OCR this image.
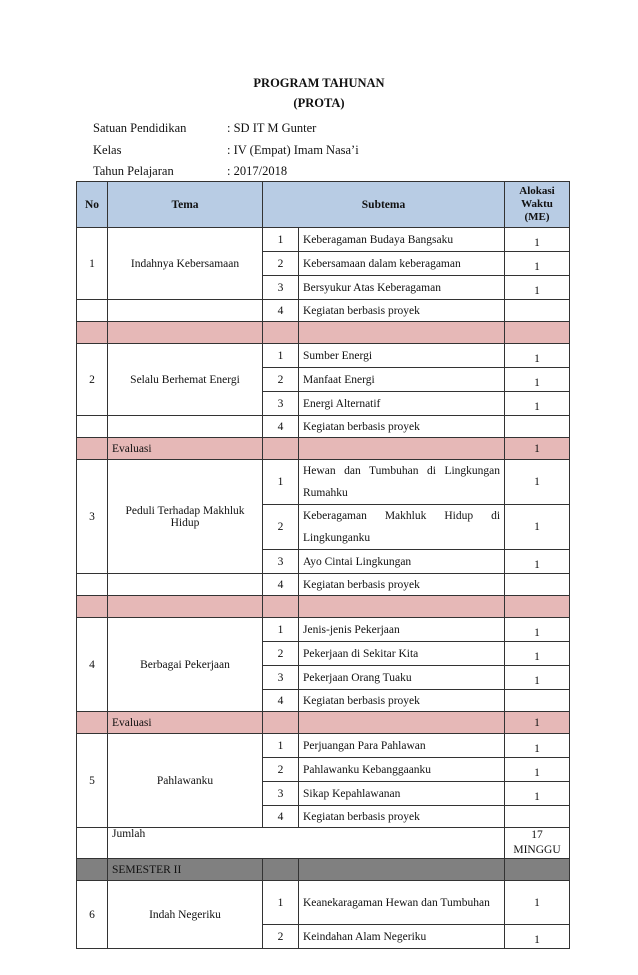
PROGRAM TAHUNAN
(PROTA)
Satuan Pendidikan	: SD IT M Gunter
Kelas	: IV (Empat) Imam Nasa’i
Tahun Pelajaran	: 2017/2018
No	Tema	Subtema		Alokasi Waktu (ME)
1	Indahnya Kebersamaan	1	Keberagaman Budaya Bangsaku	1
		2	Kebersamaan dalam keberagaman	1
		3	Bersyukur Atas Keberagaman	1
		4	Kegiatan berbasis proyek	

2	Selalu Berhemat Energi	1	Sumber Energi	1
		2	Manfaat Energi	1
		3	Energi Alternatif	1
		4	Kegiatan berbasis proyek	
	Evaluasi			1
3	Peduli Terhadap Makhluk Hidup	1	Hewan dan Tumbuhan di Lingkungan Rumahku	1
		2	Keberagaman Makhluk Hidup di Lingkunganku	1
		3	Ayo Cintai Lingkungan	1
		4	Kegiatan berbasis proyek	

4	Berbagai Pekerjaan	1	Jenis-jenis Pekerjaan	1
		2	Pekerjaan di Sekitar Kita	1
		3	Pekerjaan Orang Tuaku	1
		4	Kegiatan berbasis proyek	
	Evaluasi			1
5	Pahlawanku	1	Perjuangan Para Pahlawan	1
		2	Pahlawanku Kebanggaanku	1
		3	Sikap Kepahlawanan	1
		4	Kegiatan berbasis proyek	
	Jumlah			17 MINGGU
	SEMESTER II			
6	Indah Negeriku	1	Keanekaragaman Hewan dan Tumbuhan	1
		2	Keindahan Alam Negeriku	1
